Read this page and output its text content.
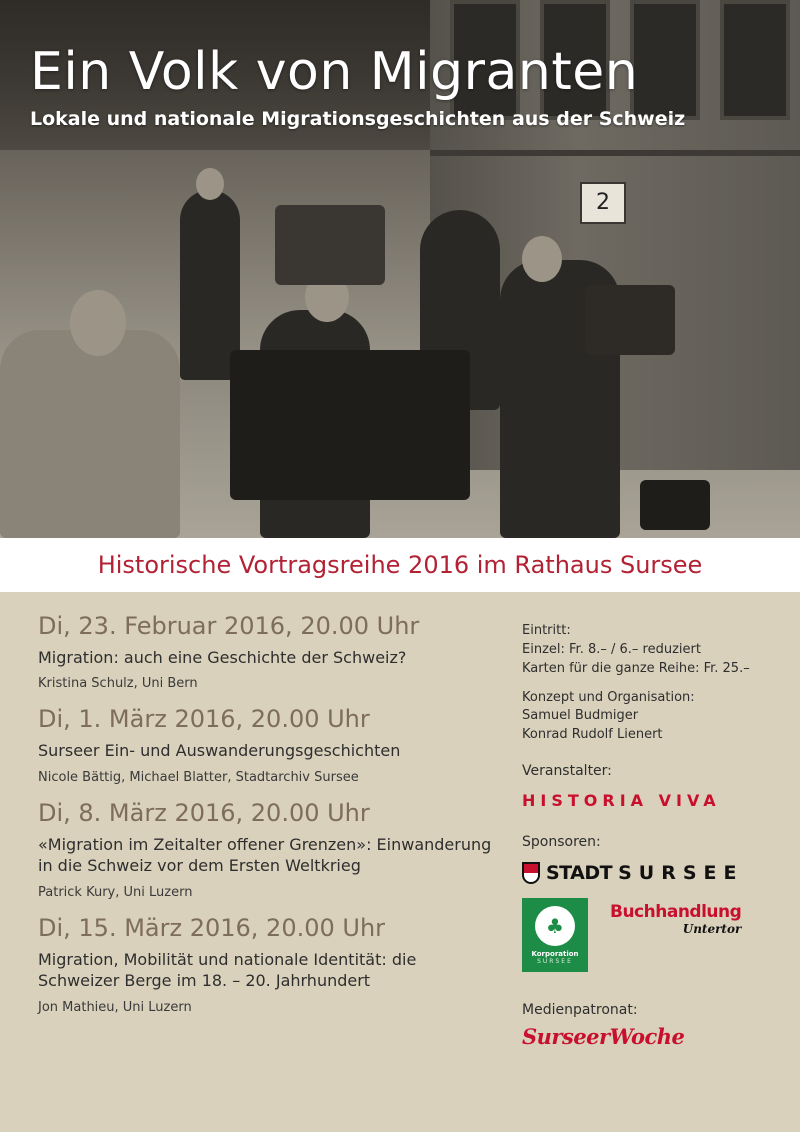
2
Ein Volk von Migranten
Lokale und nationale Migrationsgeschichten aus der Schweiz
Historische Vortragsreihe 2016 im Rathaus Sursee
Di, 23. Februar 2016, 20.00 Uhr
Migration: auch eine Geschichte der Schweiz?
Kristina Schulz, Uni Bern
Di, 1. März 2016, 20.00 Uhr
Surseer Ein- und Auswanderungsgeschichten
Nicole Bättig, Michael Blatter, Stadtarchiv Sursee
Di, 8. März 2016, 20.00 Uhr
«Migration im Zeitalter offener Grenzen»: Einwanderung in die Schweiz vor dem Ersten Weltkrieg
Patrick Kury, Uni Luzern
Di, 15. März 2016, 20.00 Uhr
Migration, Mobilität und nationale Identität: die Schweizer Berge im 18. – 20. Jahrhundert
Jon Mathieu, Uni Luzern

Eintritt:

Einzel: Fr. 8.– / 6.– reduziert

Karten für die ganze Reihe: Fr. 25.–

Konzept und Organisation:

Samuel Budmiger

Konrad Rudolf Lienert

Veranstalter:
HISTORIA VIVA
Sponsoren:
STADT SURSEE
♣
Korporation
SURSEE
Buchhandlung
Untertor
Medienpatronat:
SurseerWoche
